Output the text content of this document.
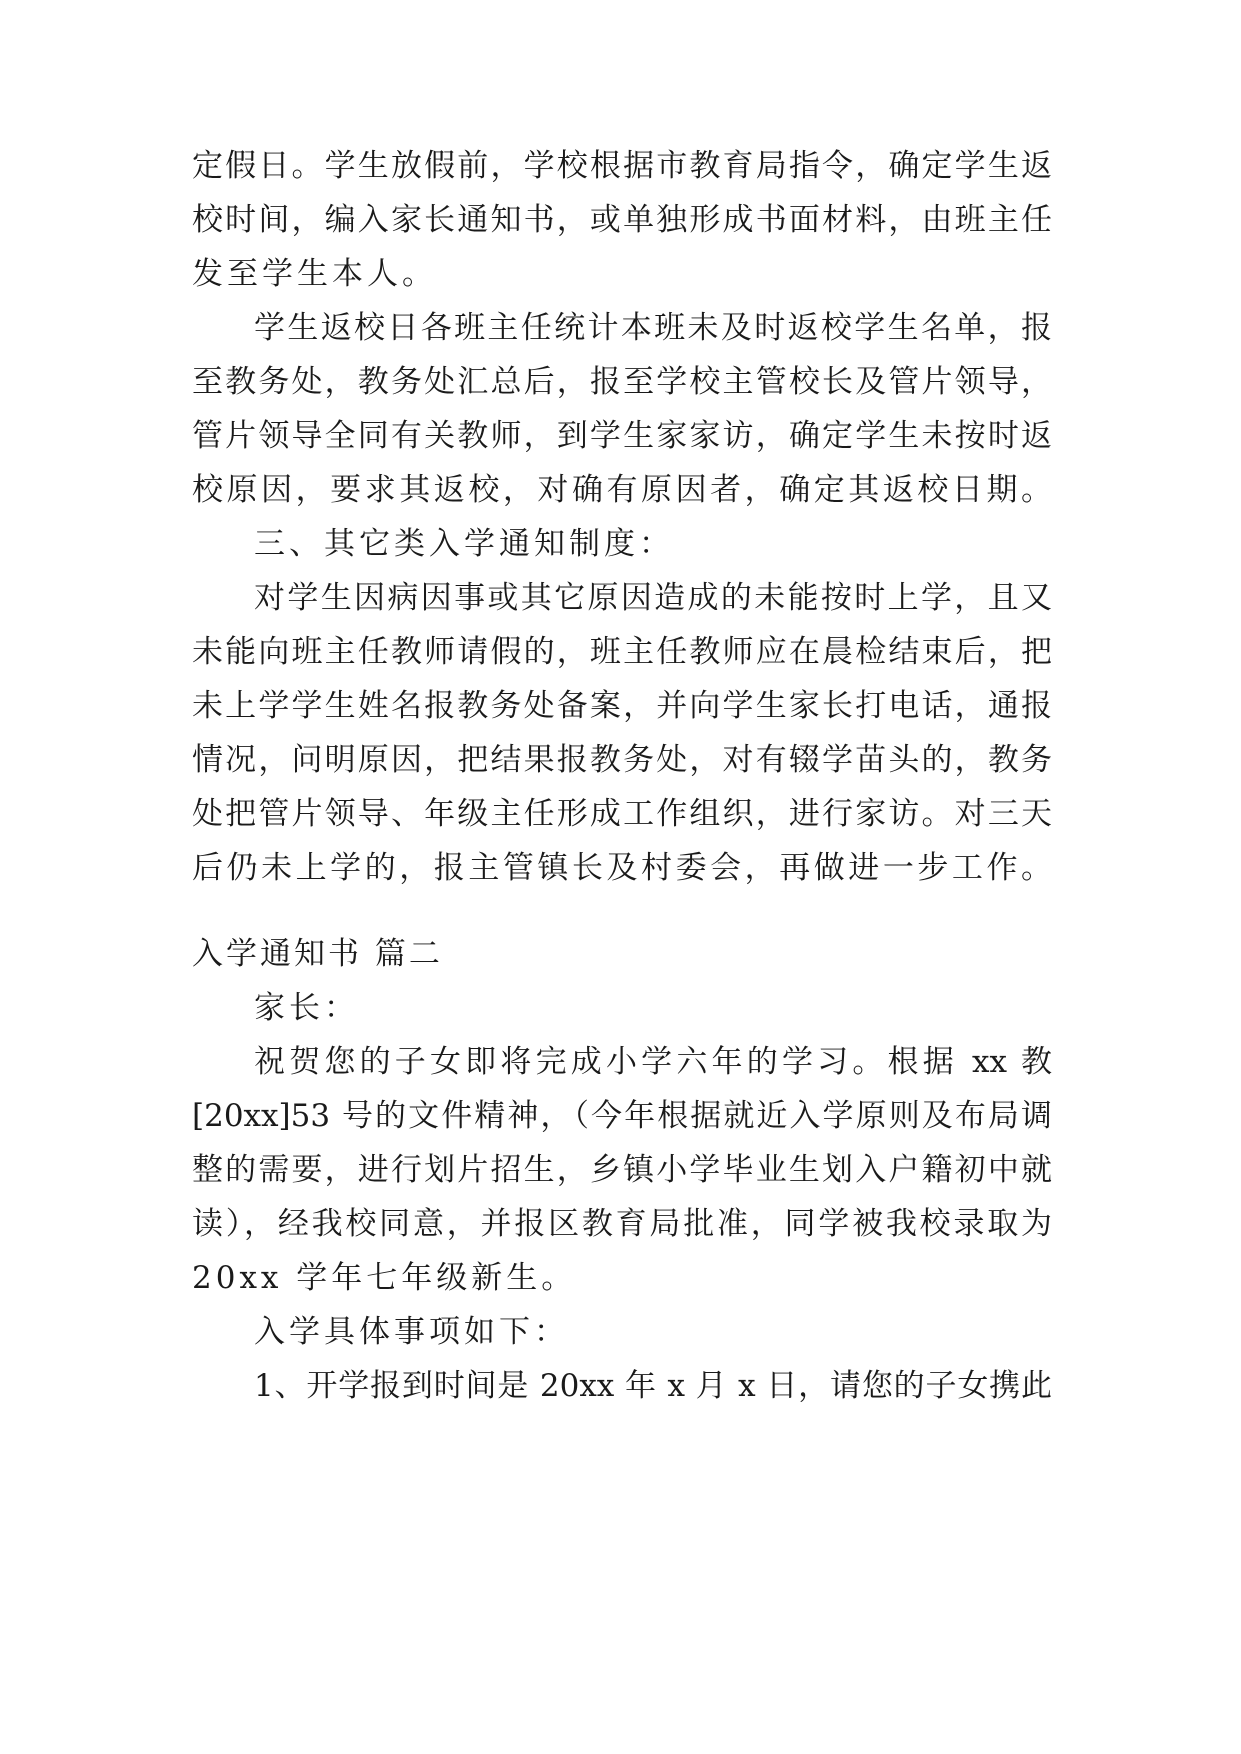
定假日。学生放假前，学校根据市教育局指令，确定学生返
校时间，编入家长通知书，或单独形成书面材料，由班主任
发至学生本人。
学生返校日各班主任统计本班未及时返校学生名单，报
至教务处，教务处汇总后，报至学校主管校长及管片领导，
管片领导全同有关教师，到学生家家访，确定学生未按时返
校原因，要求其返校，对确有原因者，确定其返校日期。
三、其它类入学通知制度：
对学生因病因事或其它原因造成的未能按时上学，且又
未能向班主任教师请假的，班主任教师应在晨检结束后，把
未上学学生姓名报教务处备案，并向学生家长打电话，通报
情况，问明原因，把结果报教务处，对有辍学苗头的，教务
处把管片领导、年级主任形成工作组织，进行家访。对三天
后仍未上学的，报主管镇长及村委会，再做进一步工作。
入学通知书 篇二
家长：
祝贺您的子女即将完成小学六年的学习。根据 xx 教
[20xx]53 号的文件精神，（今年根据就近入学原则及布局调
整的需要，进行划片招生，乡镇小学毕业生划入户籍初中就
读），经我校同意，并报区教育局批准，同学被我校录取为
20xx 学年七年级新生。
入学具体事项如下：
1、开学报到时间是 20xx 年 x 月 x 日，请您的子女携此
